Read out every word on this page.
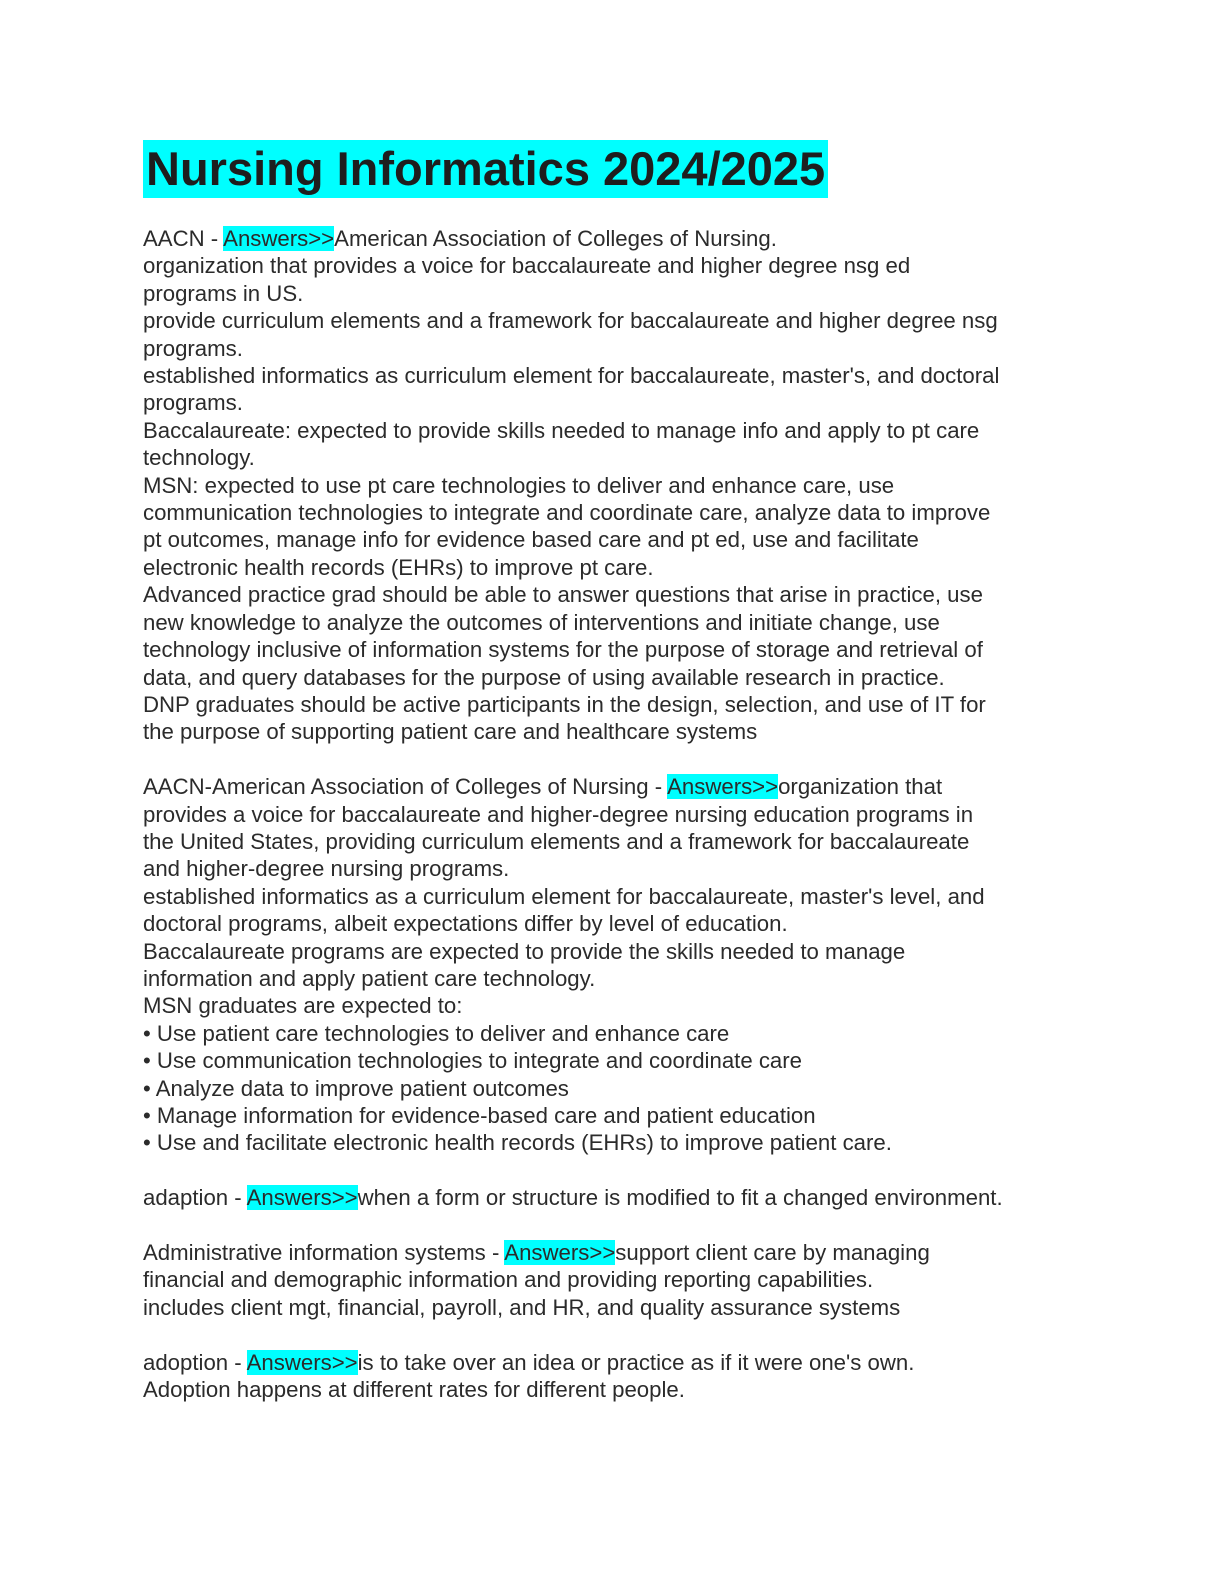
Nursing Informatics 2024/2025
AACN - Answers>>American Association of Colleges of Nursing.
organization that provides a voice for baccalaureate and higher degree nsg ed
programs in US.
provide curriculum elements and a framework for baccalaureate and higher degree nsg
programs.
established informatics as curriculum element for baccalaureate, master's, and doctoral
programs.
Baccalaureate: expected to provide skills needed to manage info and apply to pt care
technology.
MSN: expected to use pt care technologies to deliver and enhance care, use
communication technologies to integrate and coordinate care, analyze data to improve
pt outcomes, manage info for evidence based care and pt ed, use and facilitate
electronic health records (EHRs) to improve pt care.
Advanced practice grad should be able to answer questions that arise in practice, use
new knowledge to analyze the outcomes of interventions and initiate change, use
technology inclusive of information systems for the purpose of storage and retrieval of
data, and query databases for the purpose of using available research in practice.
DNP graduates should be active participants in the design, selection, and use of IT for
the purpose of supporting patient care and healthcare systems
AACN-American Association of Colleges of Nursing - Answers>>organization that
provides a voice for baccalaureate and higher-degree nursing education programs in
the United States, providing curriculum elements and a framework for baccalaureate
and higher-degree nursing programs.
established informatics as a curriculum element for baccalaureate, master's level, and
doctoral programs, albeit expectations differ by level of education.
Baccalaureate programs are expected to provide the skills needed to manage
information and apply patient care technology.
MSN graduates are expected to:
• Use patient care technologies to deliver and enhance care
• Use communication technologies to integrate and coordinate care
• Analyze data to improve patient outcomes
• Manage information for evidence-based care and patient education
• Use and facilitate electronic health records (EHRs) to improve patient care.
adaption - Answers>>when a form or structure is modified to fit a changed environment.
Administrative information systems - Answers>>support client care by managing
financial and demographic information and providing reporting capabilities.
includes client mgt, financial, payroll, and HR, and quality assurance systems
adoption - Answers>>is to take over an idea or practice as if it were one's own.
Adoption happens at different rates for different people.
